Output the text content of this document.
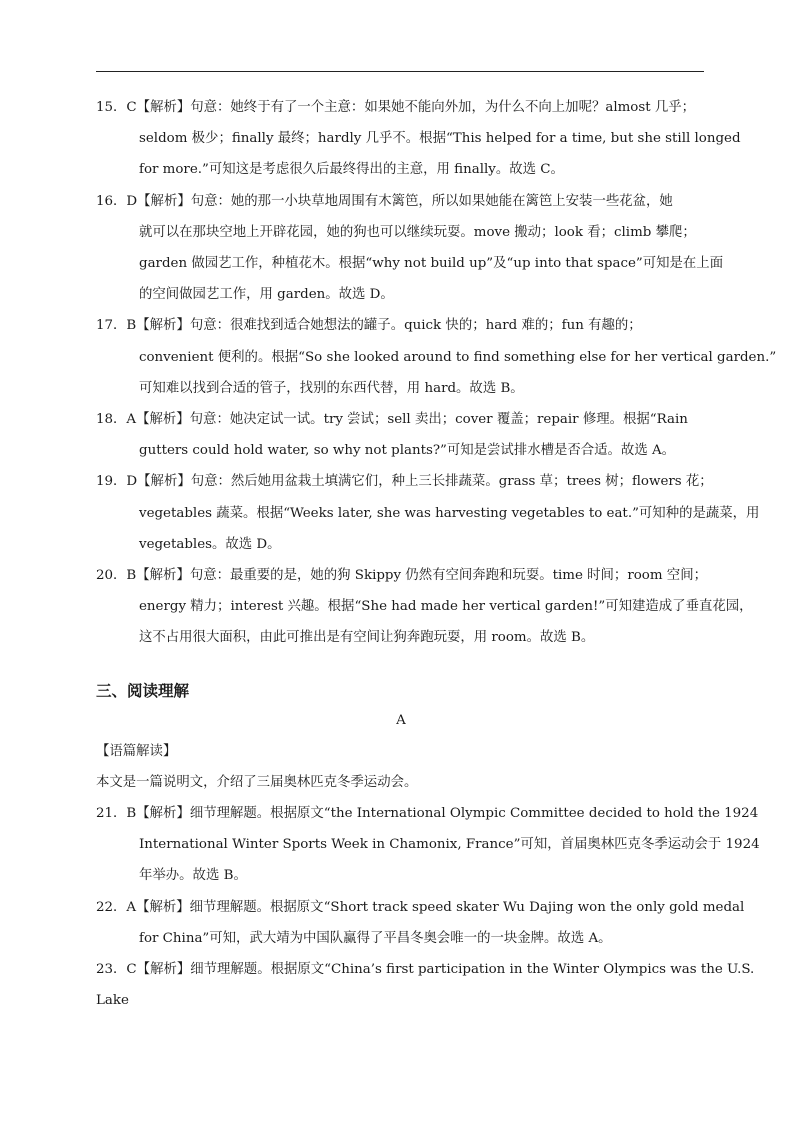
15．C【解析】句意：她终于有了一个主意：如果她不能向外加，为什么不向上加呢？almost 几乎；
seldom 极少；finally 最终；hardly 几乎不。根据“This helped for a time, but she still longed
for more.”可知这是考虑很久后最终得出的主意，用 finally。故选 C。
16．D【解析】句意：她的那一小块草地周围有木篱笆，所以如果她能在篱笆上安装一些花盆，她
就可以在那块空地上开辟花园，她的狗也可以继续玩耍。move 搬动；look 看；climb 攀爬；
garden 做园艺工作，种植花木。根据“why not build up”及“up into that space”可知是在上面
的空间做园艺工作，用 garden。故选 D。
17．B【解析】句意：很难找到适合她想法的罐子。quick 快的；hard 难的；fun 有趣的；
convenient 便利的。根据“So she looked around to find something else for her vertical garden.”
可知难以找到合适的管子，找别的东西代替，用 hard。故选 B。
18．A【解析】句意：她决定试一试。try 尝试；sell 卖出；cover 覆盖；repair 修理。根据“Rain
gutters could hold water, so why not plants?”可知是尝试排水槽是否合适。故选 A。
19．D【解析】句意：然后她用盆栽土填满它们，种上三长排蔬菜。grass 草；trees 树；flowers 花；
vegetables 蔬菜。根据“Weeks later, she was harvesting vegetables to eat.”可知种的是蔬菜，用
vegetables。故选 D。
20．B【解析】句意：最重要的是，她的狗 Skippy 仍然有空间奔跑和玩耍。time 时间；room 空间；
energy 精力；interest 兴趣。根据“She had made her vertical garden!”可知建造成了垂直花园，
这不占用很大面积，由此可推出是有空间让狗奔跑玩耍，用 room。故选 B。
三、阅读理解
A
【语篇解读】
本文是一篇说明文，介绍了三届奥林匹克冬季运动会。
21．B【解析】细节理解题。根据原文“the International Olympic Committee decided to hold the 1924
International Winter Sports Week in Chamonix, France”可知，首届奥林匹克冬季运动会于 1924
年举办。故选 B。
22．A【解析】细节理解题。根据原文“Short track speed skater Wu Dajing won the only gold medal
for China”可知，武大靖为中国队赢得了平昌冬奥会唯一的一块金牌。故选 A。
23．C【解析】细节理解题。根据原文“China’s first participation in the Winter Olympics was the U.S.
Lake
